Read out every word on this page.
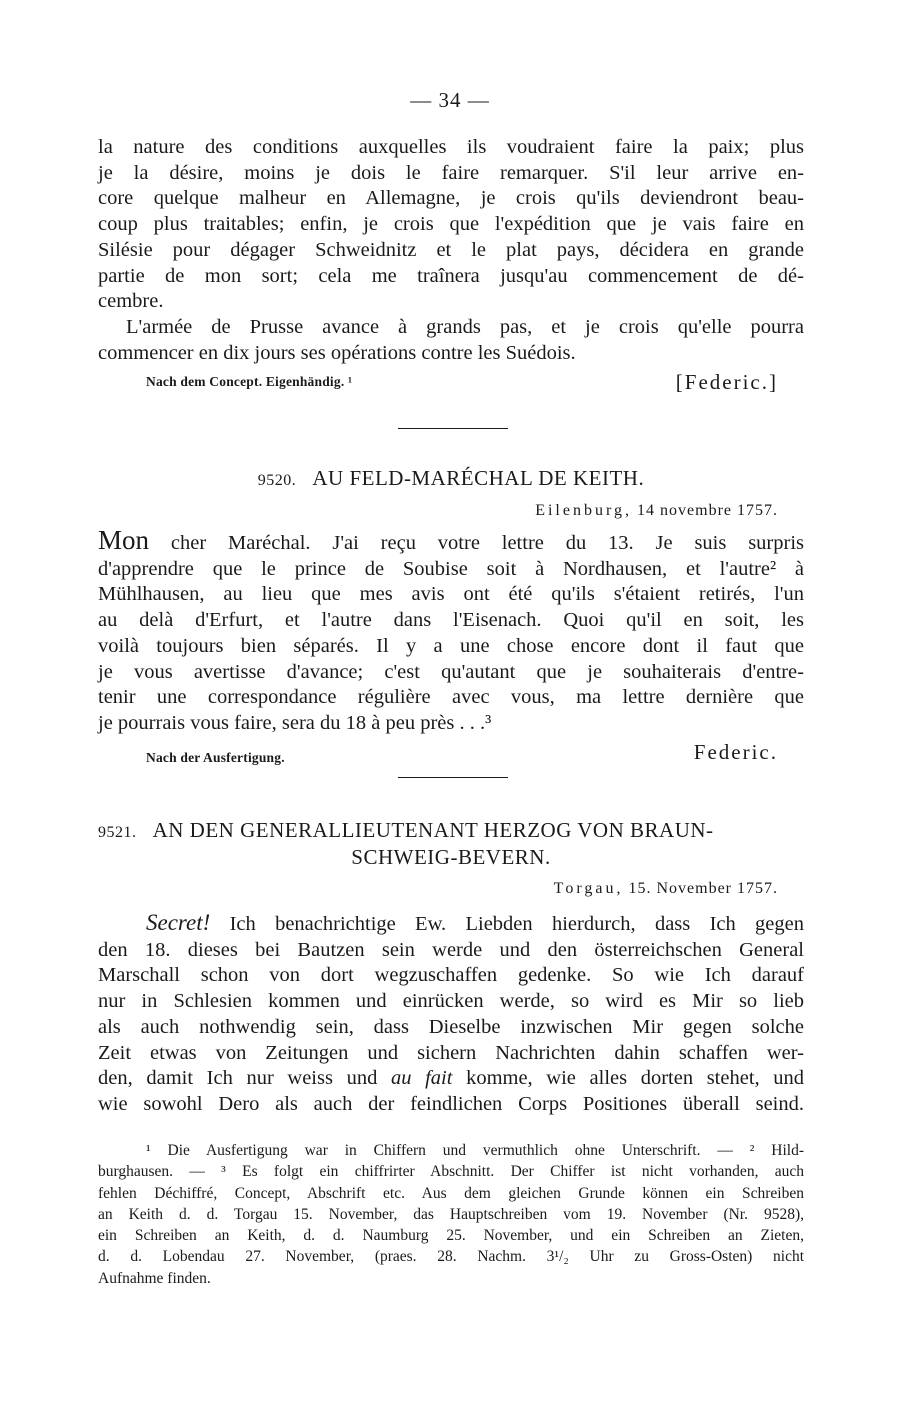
— 34 —
la nature des conditions auxquelles ils voudraient faire la paix; plus
je la désire, moins je dois le faire remarquer. S'il leur arrive en-
core quelque malheur en Allemagne, je crois qu'ils deviendront beau-
coup plus traitables; enfin, je crois que l'expédition que je vais faire en
Silésie pour dégager Schweidnitz et le plat pays, décidera en grande
partie de mon sort; cela me traînera jusqu'au commencement de dé-
cembre.
L'armée de Prusse avance à grands pas, et je crois qu'elle pourra
commencer en dix jours ses opérations contre les Suédois.
Nach dem Concept. Eigenhändig. ¹	[Federic.]
9520. AU FELD-MARÉCHAL DE KEITH.
Eilenburg, 14 novembre 1757.
Mon cher Maréchal. J'ai reçu votre lettre du 13. Je suis surpris
d'apprendre que le prince de Soubise soit à Nordhausen, et l'autre² à
Mühlhausen, au lieu que mes avis ont été qu'ils s'étaient retirés, l'un
au delà d'Erfurt, et l'autre dans l'Eisenach. Quoi qu'il en soit, les
voilà toujours bien séparés. Il y a une chose encore dont il faut que
je vous avertisse d'avance; c'est qu'autant que je souhaiterais d'entre-
tenir une correspondance régulière avec vous, ma lettre dernière que
je pourrais vous faire, sera du 18 à peu près . . .³
Nach der Ausfertigung.	Federic.
9521. AN DEN GENERALLIEUTENANT HERZOG VON BRAUN-
SCHWEIG-BEVERN.
Torgau, 15. November 1757.
Secret! Ich benachrichtige Ew. Liebden hierdurch, dass Ich gegen
den 18. dieses bei Bautzen sein werde und den österreichschen General
Marschall schon von dort wegzuschaffen gedenke. So wie Ich darauf
nur in Schlesien kommen und einrücken werde, so wird es Mir so lieb
als auch nothwendig sein, dass Dieselbe inzwischen Mir gegen solche
Zeit etwas von Zeitungen und sichern Nachrichten dahin schaffen wer-
den, damit Ich nur weiss und au fait komme, wie alles dorten stehet, und
wie sowohl Dero als auch der feindlichen Corps Positiones überall seind.
¹ Die Ausfertigung war in Chiffern und vermuthlich ohne Unterschrift. — ² Hild-
burghausen. — ³ Es folgt ein chiffrirter Abschnitt. Der Chiffer ist nicht vorhanden, auch
fehlen Déchiffré, Concept, Abschrift etc. Aus dem gleichen Grunde können ein Schreiben
an Keith d. d. Torgau 15. November, das Hauptschreiben vom 19. November (Nr. 9528),
ein Schreiben an Keith, d. d. Naumburg 25. November, und ein Schreiben an Zieten,
d. d. Lobendau 27. November, (praes. 28. Nachm. 3¹/₂ Uhr zu Gross-Osten) nicht
Aufnahme finden.
